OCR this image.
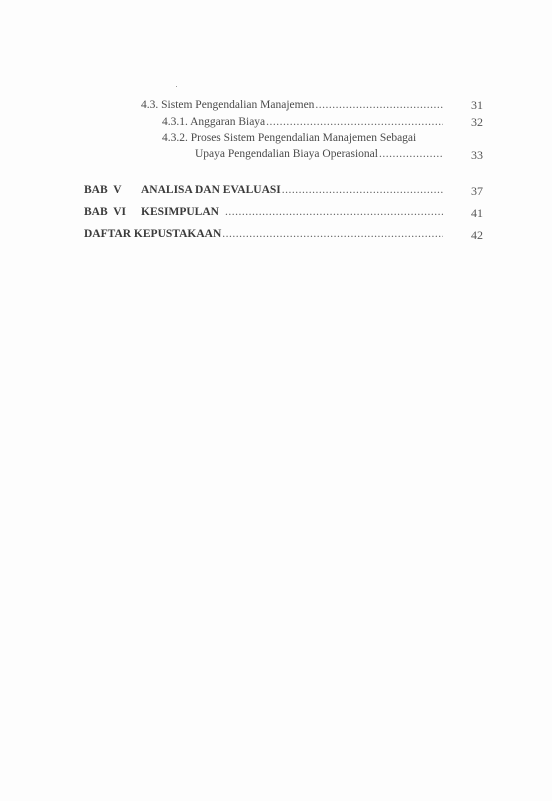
4.3. Sistem Pengendalian Manajemen .....	31
4.3.1. Anggaran Biaya .....	32
4.3.2. Proses Sistem Pengendalian Manajemen Sebagai
Upaya Pengendalian Biaya Operasional .....	33
BAB  V ANALISA DAN EVALUASI .....	37
BAB  VI KESIMPULAN .....	41
DAFTAR KEPUSTAKAAN .....	42
